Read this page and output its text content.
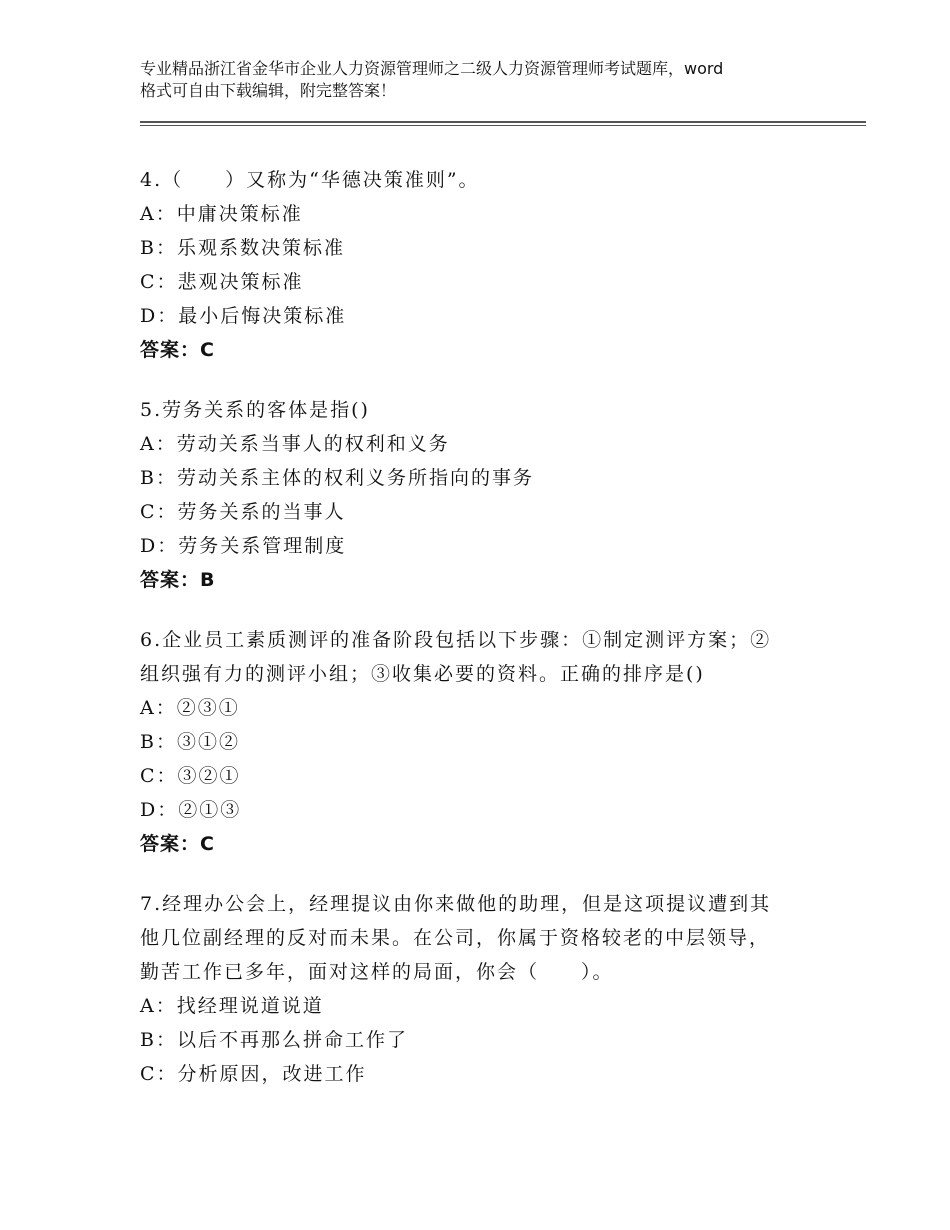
专业精品浙江省金华市企业人力资源管理师之二级人力资源管理师考试题库，word
格式可自由下载编辑，附完整答案！
4.（　　）又称为“华德决策准则”。
A：中庸决策标准
B：乐观系数决策标准
C：悲观决策标准
D：最小后悔决策标准
答案：C
5.劳务关系的客体是指()
A：劳动关系当事人的权利和义务
B：劳动关系主体的权利义务所指向的事务
C：劳务关系的当事人
D：劳务关系管理制度
答案：B
6.企业员工素质测评的准备阶段包括以下步骤：①制定测评方案；②
组织强有力的测评小组；③收集必要的资料。正确的排序是()
A：②③①
B：③①②
C：③②①
D：②①③
答案：C
7.经理办公会上，经理提议由你来做他的助理，但是这项提议遭到其
他几位副经理的反对而未果。在公司，你属于资格较老的中层领导，
勤苦工作已多年，面对这样的局面，你会（　　）。
A：找经理说道说道
B：以后不再那么拼命工作了
C：分析原因，改进工作
